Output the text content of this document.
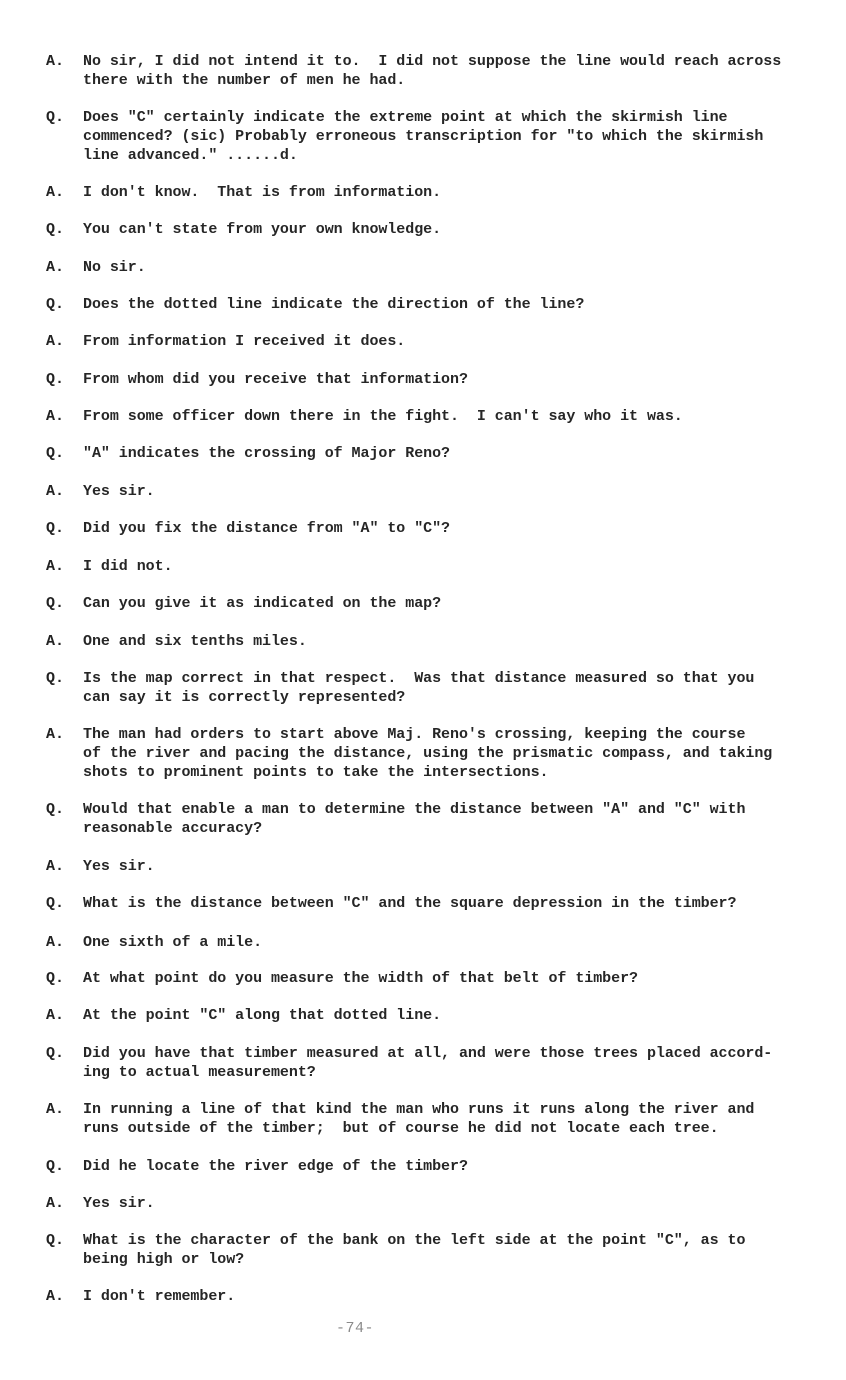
A. No sir, I did not intend it to.  I did not suppose the line would reach across
there with the number of men he had.
Q. Does "C" certainly indicate the extreme point at which the skirmish line
commenced? (sic) Probably erroneous transcription for "to which the skirmish
line advanced." ......d.
A. I don't know.  That is from information.
Q. You can't state from your own knowledge.
A. No sir.
Q. Does the dotted line indicate the direction of the line?
A. From information I received it does.
Q. From whom did you receive that information?
A. From some officer down there in the fight.  I can't say who it was.
Q. "A" indicates the crossing of Major Reno?
A. Yes sir.
Q. Did you fix the distance from "A" to "C"?
A. I did not.
Q. Can you give it as indicated on the map?
A. One and six tenths miles.
Q. Is the map correct in that respect.  Was that distance measured so that you
can say it is correctly represented?
A. The man had orders to start above Maj. Reno's crossing, keeping the course
of the river and pacing the distance, using the prismatic compass, and taking
shots to prominent points to take the intersections.
Q. Would that enable a man to determine the distance between "A" and "C" with
reasonable accuracy?
A. Yes sir.
Q. What is the distance between "C" and the square depression in the timber?
A. One sixth of a mile.
Q. At what point do you measure the width of that belt of timber?
A. At the point "C" along that dotted line.
Q. Did you have that timber measured at all, and were those trees placed accord-
ing to actual measurement?
A. In running a line of that kind the man who runs it runs along the river and
runs outside of the timber;  but of course he did not locate each tree.
Q. Did he locate the river edge of the timber?
A. Yes sir.
Q. What is the character of the bank on the left side at the point "C", as to
being high or low?
A. I don't remember.
-74-
